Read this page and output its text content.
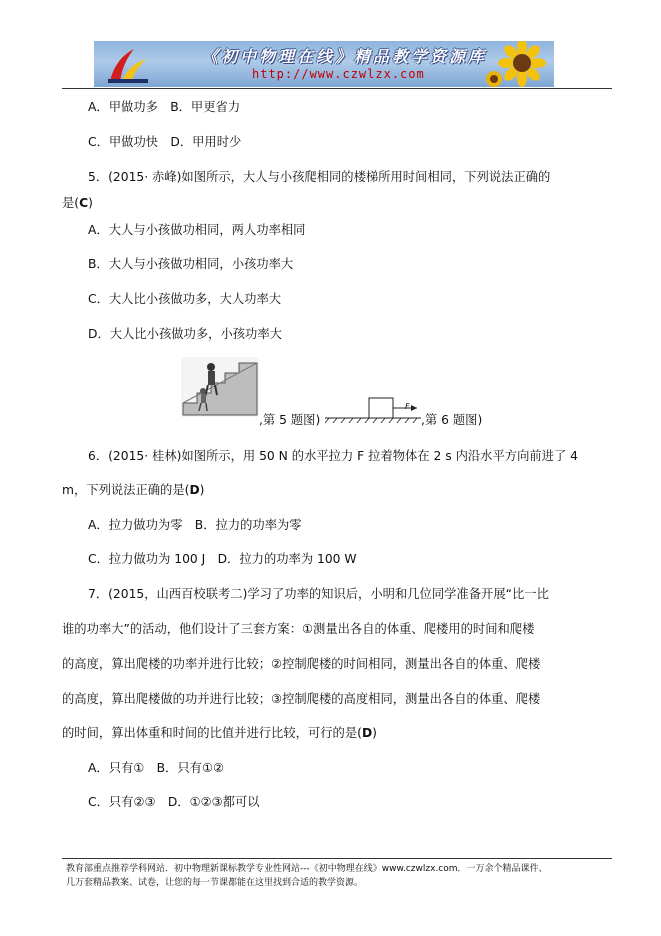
《初中物理在线》精品教学资源库
http://www.czwlzx.com
A．甲做功多　B．甲更省力
C．甲做功快　D．甲用时少
5．(2015· 赤峰)如图所示，大人与小孩爬相同的楼梯所用时间相同，下列说法正确的
是(C)
A．大人与小孩做功相同，两人功率相同
B．大人与小孩做功相同，小孩功率大
C．大人比小孩做功多，大人功率大
D．大人比小孩做功多，小孩功率大
,第 5 题图)
F
,第 6 题图)
6．(2015· 桂林)如图所示，用 50 N 的水平拉力 F 拉着物体在 2 s 内沿水平方向前进了 4
m，下列说法正确的是(D)
A．拉力做功为零　B．拉力的功率为零
C．拉力做功为 100 J　D．拉力的功率为 100 W
7．(2015，山西百校联考二)学习了功率的知识后，小明和几位同学准备开展“比一比
谁的功率大”的活动，他们设计了三套方案：①测量出各自的体重、爬楼用的时间和爬楼
的高度，算出爬楼的功率并进行比较；②控制爬楼的时间相同，测量出各自的体重、爬楼
的高度，算出爬楼做的功并进行比较；③控制爬楼的高度相同，测量出各自的体重、爬楼
的时间，算出体重和时间的比值并进行比较，可行的是(D)
A．只有①　B．只有①②
C．只有②③　D．①②③都可以
教育部重点推荐学科网站．初中物理新课标教学专业性网站---《初中物理在线》www.czwlzx.com．一万余个精品课件、
几万套精品教案、试卷，让您的每一节课都能在这里找到合适的教学资源。
